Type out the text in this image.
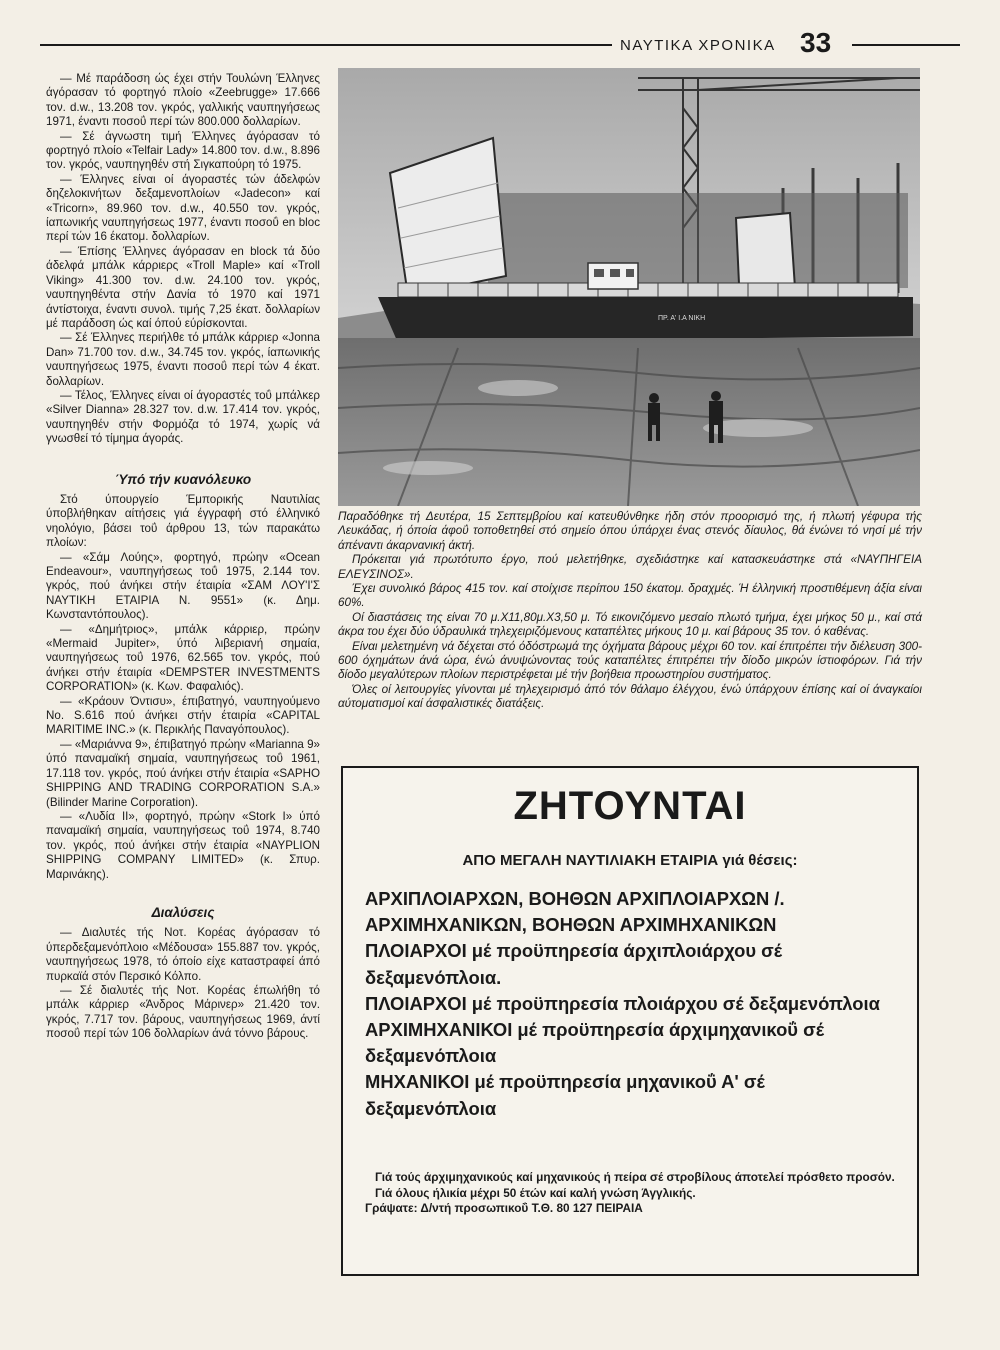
ΝΑΥΤΙΚΑ ΧΡΟΝΙΚΑ 33

— Μέ παράδοση ώς έχει στήν Τουλώνη Έλληνες άγόρασαν τό φορτηγό πλοίο «Zeebrugge» 17.666 τον. d.w., 13.208 τον. γκρός, γαλλικής ναυπηγήσεως 1971, έναντι ποσοΰ περί τών 800.000 δολλαρίων.

— Σέ άγνωστη τιμή Έλληνες άγόρασαν τό φορτηγό πλοίο «Telfair Lady» 14.800 τον. d.w., 8.896 τον. γκρός, ναυπηγηθέν στή Σιγκαπούρη τό 1975.

— Έλληνες είναι οί άγοραστές τών άδελφών δηζελοκινήτων δεξαμενοπλοίων «Jadecon» καί «Tricorn», 89.960 τον. d.w., 40.550 τον. γκρός, ίαπωνικής ναυπηγήσεως 1977, έναντι ποσοΰ en bloc περί τών 16 έκατομ. δολλαρίων.

— Έπίσης Έλληνες άγόρασαν en block τά δύο άδελφά μπάλκ κάρριερς «Troll Maple» καί «Troll Viking» 41.300 τον. d.w. 24.100 τον. γκρός, ναυπηγηθέντα στήν Δανία τό 1970 καί 1971 άντίστοιχα, έναντι συνολ. τιμής 7,25 έκατ. δολλαρίων μέ παράδοση ώς καί όπού εύρίσκονται.

— Σέ Έλληνες περιήλθε τό μπάλκ κάρριερ «Jonna Dan» 71.700 τον. d.w., 34.745 τον. γκρός, ίαπωνικής ναυπηγήσεως 1975, έναντι ποσοΰ περί τών 4 έκατ. δολλαρίων.

— Τέλος, Έλληνες είναι οί άγοραστές τοΰ μπάλκερ «Silver Dianna» 28.327 τον. d.w. 17.414 τον. γκρός, ναυπηγηθέν στήν Φορμόζα τό 1974, χωρίς νά γνωσθεί τό τίμημα άγοράς.

Ύπό τήν κυανόλευκο

Στό ύπουργείο Έμπορικής Ναυτιλίας ύποβλήθηκαν αίτήσεις γιά έγγραφή στό έλληνικό νηολόγιο, βάσει τοΰ άρθρου 13, τών παρακάτω πλοίων:

— «Σάμ Λούης», φορτηγό, πρώην «Ocean Endeavour», ναυπηγήσεως τοΰ 1975, 2.144 τον. γκρός, πού άνήκει στήν έταιρία «ΣΑΜ ΛΟΥ'Ι'Σ ΝΑΥΤΙΚΗ ΕΤΑΙΡΙΑ Ν. 9551» (κ. Δημ. Κωνσταντόπουλος).

— «Δημήτριος», μπάλκ κάρριερ, πρώην «Mermaid Jupiter», ύπό λιβεριανή σημαία, ναυπηγήσεως τοΰ 1976, 62.565 τον. γκρός, πού άνήκει στήν έταιρία «DEMPSTER INVESTMENTS CORPORATION» (κ. Κων. Φαφαλιός).

— «Κράουν Όντισυ», έπιβατηγό, ναυπηγούμενο Νο. S.616 πού άνήκει στήν έταιρία «CAPITAL MARITIME INC.» (κ. Περικλής Παναγόπουλος).

— «Μαριάννα 9», έπιβατηγό πρώην «Marianna 9» ύπό παναμαϊκή σημαία, ναυπηγήσεως τοΰ 1961, 17.118 τον. γκρός, πού άνήκει στήν έταιρία «SAPHO SHIPPING AND TRADING CORPORATION S.A.» (Bilinder Marine Corporation).

— «Λυδία ΙΙ», φορτηγό, πρώην «Stork I» ύπό παναμαϊκή σημαία, ναυπηγήσεως τοΰ 1974, 8.740 τον. γκρός, πού άνήκει στήν έταιρία «NAYPLION SHIPPING COMPANY LIMITED» (κ. Σπυρ. Μαρινάκης).

Διαλύσεις

— Διαλυτές τής Νοτ. Κορέας άγόρασαν τό ύπερδεξαμενόπλοιο «Μέδουσα» 155.887 τον. γκρός, ναυπηγήσεως 1978, τό όποίο είχε καταστραφεί άπό πυρκαϊά στόν Περσικό Κόλπο.

— Σέ διαλυτές τής Νοτ. Κορέας έπωλήθη τό μπάλκ κάρριερ «Άνδρος Μάρινερ» 21.420 τον. γκρός, 7.717 τον. βάρους, ναυπηγήσεως 1969, άντί ποσοΰ περί τών 106 δολλαρίων άνά τόννο βάρους.

ΠΡ. Α' Ι.Α ΝΙΚΗ

Παραδόθηκε τή Δευτέρα, 15 Σεπτεμβρίου καί κατευθύνθηκε ήδη στόν προορισμό της, ή πλωτή γέφυρα τής Λευκάδας, ή όποία άφοΰ τοποθετηθεί στό σημείο όπου ύπάρχει ένας στενός δίαυλος, θά ένώνει τό νησί μέ τήν άπέναντι άκαρνανική άκτή.

Πρόκειται γιά πρωτότυπο έργο, πού μελετήθηκε, σχεδιάστηκε καί κατασκευάστηκε στά «ΝΑΥΠΗΓΕΙΑ ΕΛΕΥΣΙΝΟΣ».

Έχει συνολικό βάρος 415 τον. καί στοίχισε περίπου 150 έκατομ. δραχμές. Ή έλληνική προστιθέμενη άξία είναι 60%.

Οί διαστάσεις της είναι 70 μ.Χ11,80μ.Χ3,50 μ. Τό εικονιζόμενο μεσαίο πλωτό τμήμα, έχει μήκος 50 μ., καί στά άκρα του έχει δύο ύδραυλικά τηλεχειριζόμενους καταπέλτες μήκους 10 μ. καί βάρους 35 τον. ό καθένας.

Είναι μελετημένη νά δέχεται στό όδόστρωμά της όχήματα βάρους μέχρι 60 τον. καί έπιτρέπει τήν διέλευση 300-600 όχημάτων άνά ώρα, ένώ άνυψώνοντας τούς καταπέλτες έπιτρέπει τήν δίοδο μικρών ίστιοφόρων. Γιά τήν δίοδο μεγαλύτερων πλοίων περιστρέφεται μέ τήν βοήθεια προωστηρίου συστήματος.

Όλες οί λειτουργίες γίνονται μέ τηλεχειρισμό άπό τόν θάλαμο έλέγχου, ένώ ύπάρχουν έπίσης καί οί άναγκαίοι αύτοματισμοί καί άσφαλιστικές διατάξεις.

ΖΗΤΟΥΝΤΑΙ
ΑΠΟ ΜΕΓΑΛΗ ΝΑΥΤΙΛΙΑΚΗ ΕΤΑΙΡΙΑ γιά θέσεις:

ΑΡΧΙΠΛΟΙΑΡΧΩΝ, ΒΟΗΘΩΝ ΑΡΧΙΠΛΟΙΑΡΧΩΝ /.

ΑΡΧΙΜΗΧΑΝΙΚΩΝ, ΒΟΗΘΩΝ ΑΡΧΙΜΗΧΑΝΙΚΩΝ

ΠΛΟΙΑΡΧΟΙ μέ προϋπηρεσία άρχιπλοιάρχου σέ δεξαμενόπλοια.

ΠΛΟΙΑΡΧΟΙ μέ προϋπηρεσία πλοιάρχου σέ δεξαμενόπλοια

ΑΡΧΙΜΗΧΑΝΙΚΟΙ μέ προϋπηρεσία άρχιμηχανικοΰ σέ δεξαμενόπλοια

ΜΗΧΑΝΙΚΟΙ μέ προϋπηρεσία μηχανικοΰ Α' σέ δεξαμενόπλοια

Γιά τούς άρχιμηχανικούς καί μηχανικούς ή πείρα σέ στροβίλους άποτελεί πρόσθετο προσόν.

Γιά όλους ήλικία μέχρι 50 έτών καί καλή γνώση Άγγλικής.

Γράψατε: Δ/ντή προσωπικοΰ Τ.Θ. 80 127 ΠΕΙΡΑΙΑ
